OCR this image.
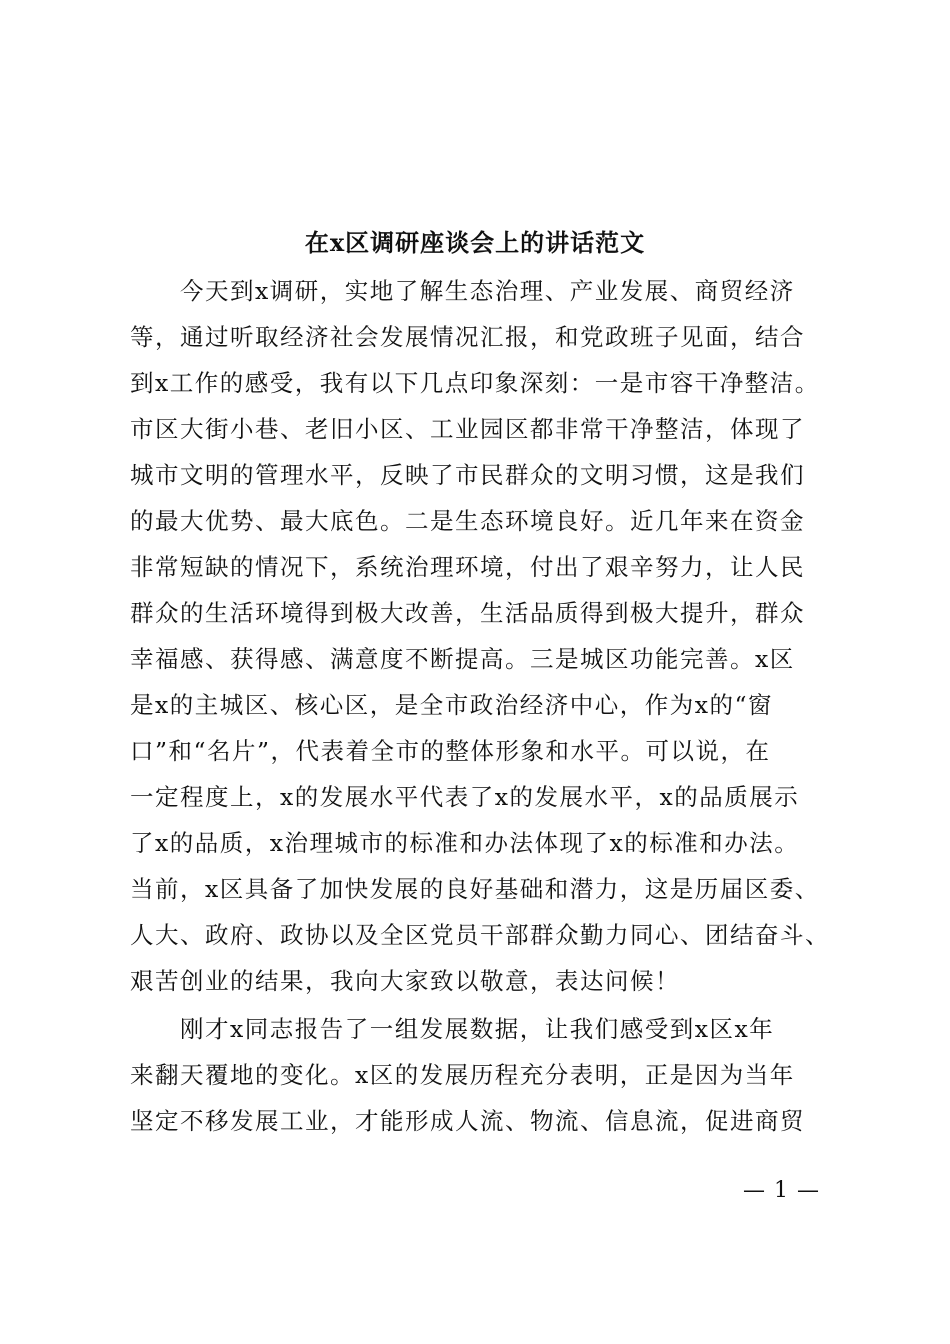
在x区调研座谈会上的讲话范文
　　今天到x调研，实地了解生态治理、产业发展、商贸经济
等，通过听取经济社会发展情况汇报，和党政班子见面，结合
到x工作的感受，我有以下几点印象深刻：一是市容干净整洁。
市区大街小巷、老旧小区、工业园区都非常干净整洁，体现了
城市文明的管理水平，反映了市民群众的文明习惯，这是我们
的最大优势、最大底色。二是生态环境良好。近几年来在资金
非常短缺的情况下，系统治理环境，付出了艰辛努力，让人民
群众的生活环境得到极大改善，生活品质得到极大提升，群众
幸福感、获得感、满意度不断提高。三是城区功能完善。x区
是x的主城区、核心区，是全市政治经济中心，作为x的“窗
口”和“名片”，代表着全市的整体形象和水平。可以说，在
一定程度上，x的发展水平代表了x的发展水平，x的品质展示
了x的品质，x治理城市的标准和办法体现了x的标准和办法。
当前，x区具备了加快发展的良好基础和潜力，这是历届区委、
人大、政府、政协以及全区党员干部群众勤力同心、团结奋斗、
艰苦创业的结果，我向大家致以敬意，表达问候！
　　刚才x同志报告了一组发展数据，让我们感受到x区x年
来翻天覆地的变化。x区的发展历程充分表明，正是因为当年
坚定不移发展工业，才能形成人流、物流、信息流，促进商贸
— 1 —
